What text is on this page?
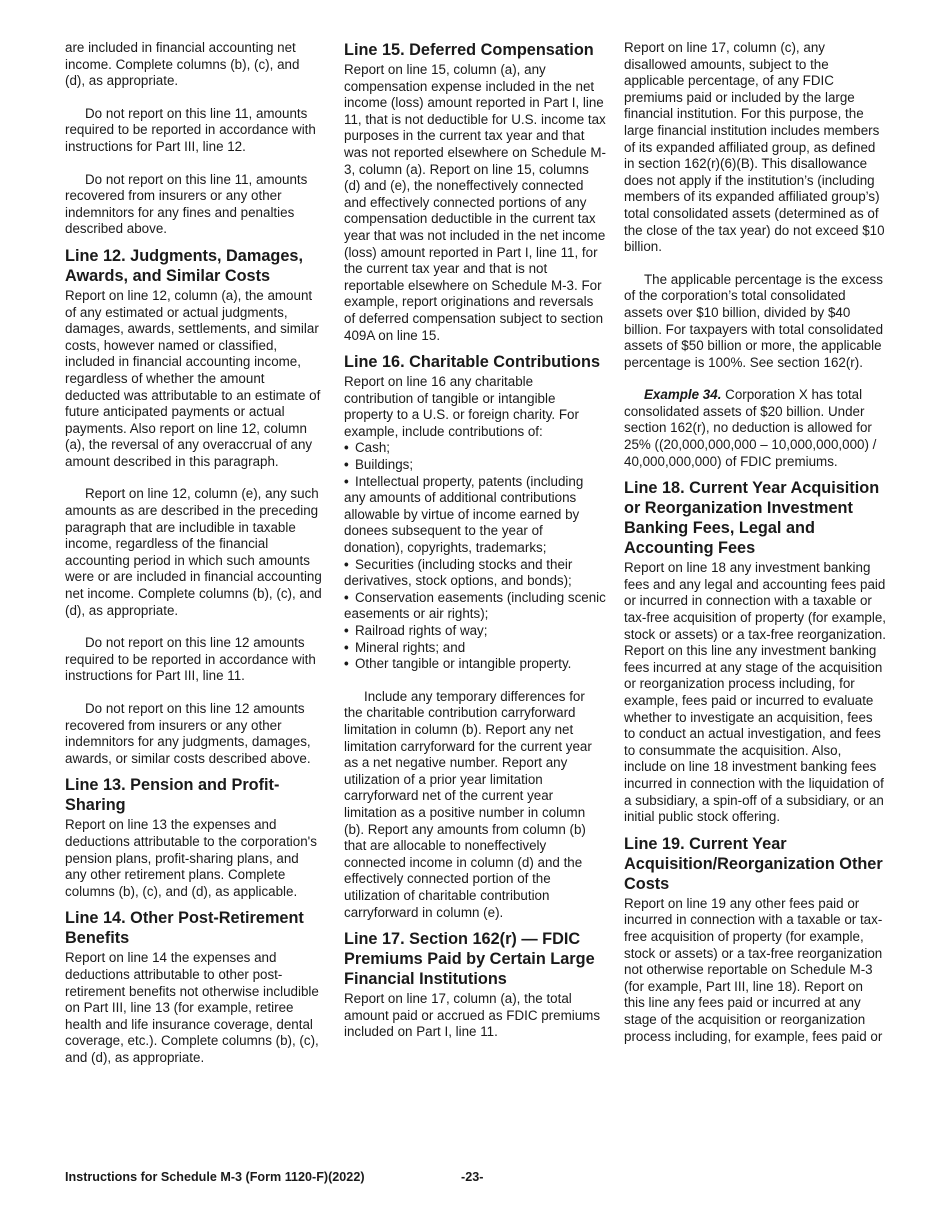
are included in financial accounting net income. Complete columns (b), (c), and (d), as appropriate.

Do not report on this line 11, amounts required to be reported in accordance with instructions for Part III, line 12.

Do not report on this line 11, amounts recovered from insurers or any other indemnitors for any fines and penalties described above.

Line 12. Judgments, Damages, Awards, and Similar Costs

Report on line 12, column (a), the amount of any estimated or actual judgments, damages, awards, settlements, and similar costs, however named or classified, included in financial accounting income, regardless of whether the amount deducted was attributable to an estimate of future anticipated payments or actual payments. Also report on line 12, column (a), the reversal of any overaccrual of any amount described in this paragraph.

Report on line 12, column (e), any such amounts as are described in the preceding paragraph that are includible in taxable income, regardless of the financial accounting period in which such amounts were or are included in financial accounting net income. Complete columns (b), (c), and (d), as appropriate.

Do not report on this line 12 amounts required to be reported in accordance with instructions for Part III, line 11.

Do not report on this line 12 amounts recovered from insurers or any other indemnitors for any judgments, damages, awards, or similar costs described above.

Line 13. Pension and Profit-Sharing

Report on line 13 the expenses and deductions attributable to the corporation's pension plans, profit-sharing plans, and any other retirement plans. Complete columns (b), (c), and (d), as applicable.

Line 14. Other Post-Retirement Benefits

Report on line 14 the expenses and deductions attributable to other post-retirement benefits not otherwise includible on Part III, line 13 (for example, retiree health and life insurance coverage, dental coverage, etc.). Complete columns (b), (c), and (d), as appropriate.

Line 15. Deferred Compensation

Report on line 15, column (a), any compensation expense included in the net income (loss) amount reported in Part I, line 11, that is not deductible for U.S. income tax purposes in the current tax year and that was not reported elsewhere on Schedule M-3, column (a). Report on line 15, columns (d) and (e), the noneffectively connected and effectively connected portions of any compensation deductible in the current tax year that was not included in the net income (loss) amount reported in Part I, line 11, for the current tax year and that is not reportable elsewhere on Schedule M-3. For example, report originations and reversals of deferred compensation subject to section 409A on line 15.

Line 16. Charitable Contributions

Report on line 16 any charitable contribution of tangible or intangible property to a U.S. or foreign charity. For example, include contributions of:

• Cash;
• Buildings;
• Intellectual property, patents (including any amounts of additional contributions allowable by virtue of income earned by donees subsequent to the year of donation), copyrights, trademarks;
• Securities (including stocks and their derivatives, stock options, and bonds);
• Conservation easements (including scenic easements or air rights);
• Railroad rights of way;
• Mineral rights; and
• Other tangible or intangible property.

Include any temporary differences for the charitable contribution carryforward limitation in column (b). Report any net limitation carryforward for the current year as a net negative number. Report any utilization of a prior year limitation carryforward net of the current year limitation as a positive number in column (b). Report any amounts from column (b) that are allocable to noneffectively connected income in column (d) and the effectively connected portion of the utilization of charitable contribution carryforward in column (e).

Line 17. Section 162(r) — FDIC Premiums Paid by Certain Large Financial Institutions

Report on line 17, column (a), the total amount paid or accrued as FDIC premiums included on Part I, line 11.

Report on line 17, column (c), any disallowed amounts, subject to the applicable percentage, of any FDIC premiums paid or included by the large financial institution. For this purpose, the large financial institution includes members of its expanded affiliated group, as defined in section 162(r)(6)(B). This disallowance does not apply if the institution’s (including members of its expanded affiliated group’s) total consolidated assets (determined as of the close of the tax year) do not exceed $10 billion.

The applicable percentage is the excess of the corporation’s total consolidated assets over $10 billion, divided by $40 billion. For taxpayers with total consolidated assets of $50 billion or more, the applicable percentage is 100%. See section 162(r).

Example 34. Corporation X has total consolidated assets of $20 billion. Under section 162(r), no deduction is allowed for 25% ((20,000,000,000 – 10,000,000,000) / 40,000,000,000) of FDIC premiums.

Line 18. Current Year Acquisition or Reorganization Investment Banking Fees, Legal and Accounting Fees

Report on line 18 any investment banking fees and any legal and accounting fees paid or incurred in connection with a taxable or tax-free acquisition of property (for example, stock or assets) or a tax-free reorganization. Report on this line any investment banking fees incurred at any stage of the acquisition or reorganization process including, for example, fees paid or incurred to evaluate whether to investigate an acquisition, fees to conduct an actual investigation, and fees to consummate the acquisition. Also, include on line 18 investment banking fees incurred in connection with the liquidation of a subsidiary, a spin-off of a subsidiary, or an initial public stock offering.

Line 19. Current Year Acquisition/Reorganization Other Costs

Report on line 19 any other fees paid or incurred in connection with a taxable or tax-free acquisition of property (for example, stock or assets) or a tax-free reorganization not otherwise reportable on Schedule M-3 (for example, Part III, line 18). Report on this line any fees paid or incurred at any stage of the acquisition or reorganization process including, for example, fees paid or

Instructions for Schedule M-3 (Form 1120-F)(2022)	-23-
